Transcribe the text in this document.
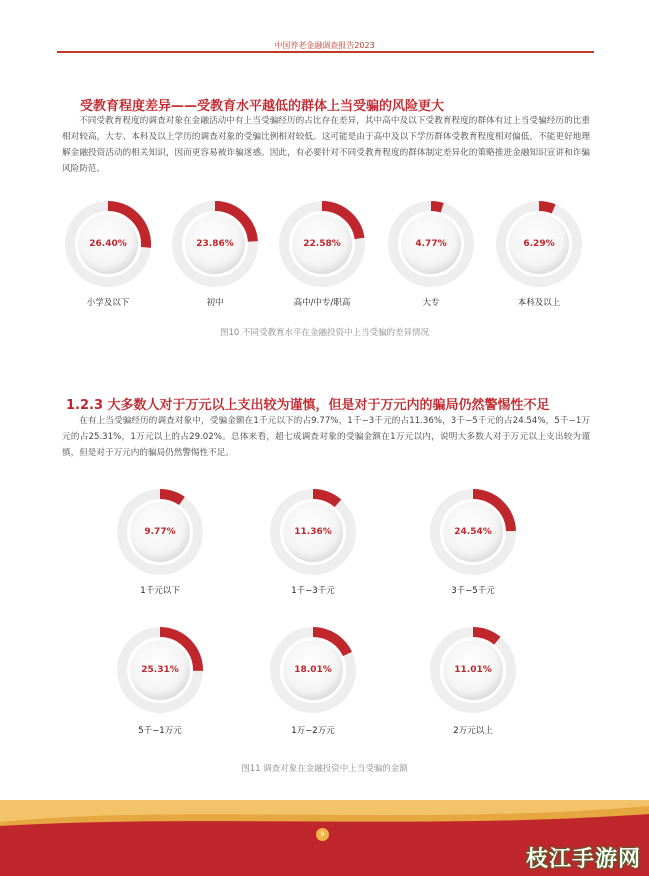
中国养老金融调查报告2023
受教育程度差异——受教育水平越低的群体上当受骗的风险更大
不同受教育程度的调查对象在金融活动中有上当受骗经历的占比存在差异，其中高中及以下受教育程度的群体有过上当受骗经历的比重相对较高，大专、本科及以上学历的调查对象的受骗比例相对较低。这可能是由于高中及以下学历群体受教育程度相对偏低，不能更好地理解金融投资活动的相关知识，因而更容易被诈骗迷惑。因此，有必要针对不同受教育程度的群体制定差异化的策略推进金融知识宣讲和诈骗风险防范。
26.40%	23.86%	22.58%	4.77%	6.29%
小学及以下	初中	高中/中专/职高	大专	本科及以上
图10 不同受教育水平在金融投资中上当受骗的差异情况
1.2.3 大多数人对于万元以上支出较为谨慎，但是对于万元内的骗局仍然警惕性不足
在有上当受骗经历的调查对象中，受骗金额在1千元以下的占9.77%，1千−3千元的占11.36%，3千−5千元的占24.54%，5千−1万元的占25.31%，1万元以上的占29.02%。总体来看，超七成调查对象的受骗金额在1万元以内，说明大多数人对于万元以上支出较为谨慎，但是对于万元内的骗局仍然警惕性不足。
9.77%	11.36%	24.54%
25.31%	18.01%	11.01%
1千元以下	1千−3千元	3千−5千元
5千−1万元	1万−2万元	2万元以上
图11 调查对象在金融投资中上当受骗的金额
9
枝江手游网
